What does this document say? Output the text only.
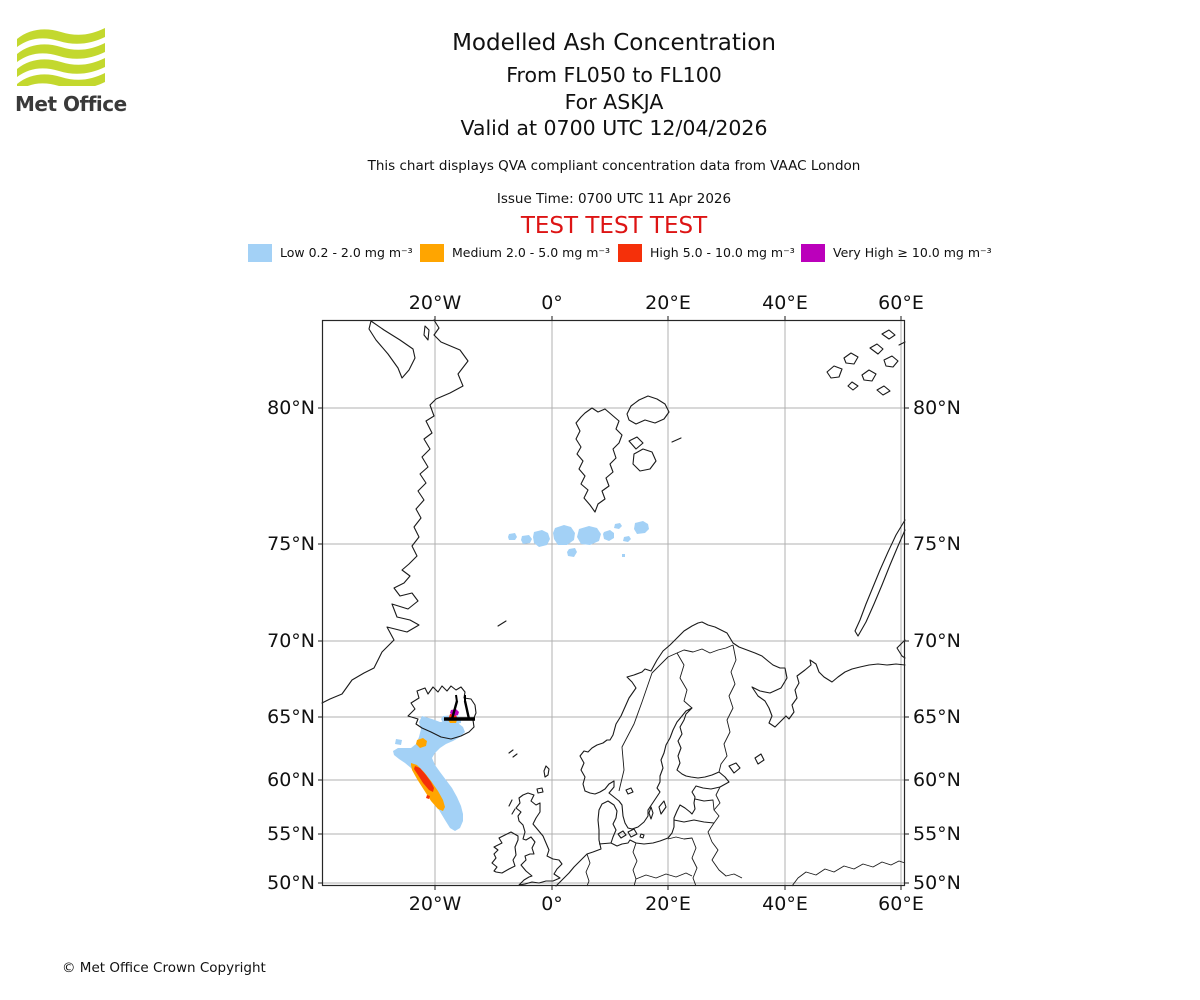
Met Office
Modelled Ash Concentration
From FL050 to FL100
For ASKJA
Valid at 0700 UTC 12/04/2026
This chart displays QVA compliant concentration data from VAAC London
Issue Time: 0700 UTC 11 Apr 2026
TEST TEST TEST
Low 0.2 - 2.0 mg m⁻³	Medium 2.0 - 5.0 mg m⁻³	High 5.0 - 10.0 mg m⁻³	Very High ≥ 10.0 mg m⁻³
20°W	0°	20°E	40°E	60°E
20°W	0°	20°E	40°E	60°E
80°N
75°N
70°N
65°N
60°N
55°N
50°N
80°N
75°N
70°N
65°N
60°N
55°N
50°N
© Met Office Crown Copyright
